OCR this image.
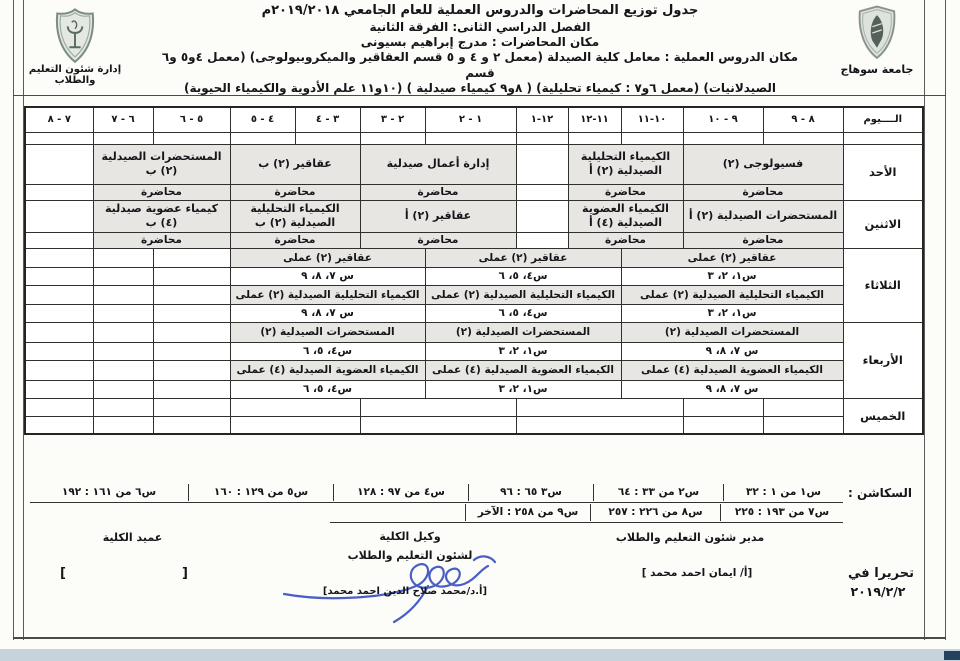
إدارة شئون التعليم والطلاب
جامعة سوهاج
جدول توزيع المحاضرات والدروس العملية للعام الجامعي ٢٠١٩/٢٠١٨م
الفصل الدراسي الثانى: الفرقة الثانية
مكان المحاضرات : مدرج إبراهيم بسيونى
مكان الدروس العملية : معامل كلية الصيدلة (معمل ٢ و ٤ و ٥ قسم العقاقير والميكروبيولوجى) (معمل ٤و٥ و٦ قسم
الصيدلانيات) (معمل ٦و٧ : كيمياء تحليلية) ( ٨و٩ كيمياء صيدلية ) (١٠و١١ علم الأدوية والكيمياء الحيوية)
الــــيوم	٨ - ٩	٩ - ١٠	١٠-١١	١١-١٢	١٢-١	١ - ٢	٢ - ٣	٣ - ٤	٤ - ٥	٥ - ٦	٦ - ٧	٧ - ٨

الأحد	فسيولوجى (٢)		الكيمياء التحليلية الصيدلية (٢) أ			إدارة أعمال صيدلية		عقاقير (٢) ب		المستحضرات الصيدلية (٢) ب		
	محاضرة		محاضرة			محاضرة		محاضرة		محاضرة		
الاثنين	المستحضرات الصيدلية (٢) أ		الكيمياء العضوية الصيدلية (٤) أ			عقاقير (٢) أ		الكيمياء التحليلية الصيدلية (٢) ب		كيمياء عضوية صيدلية (٤) ب		
	محاضرة		محاضرة			محاضرة		محاضرة		محاضرة		
الثلاثاء	عقاقير (٢) عملى			عقاقير (٢) عملى			عقاقير (٢) عملى					
	س١، ٢، ٣			س٤، ٥، ٦			س ٧، ٨، ٩					
	الكيمياء التحليلية الصيدلية (٢) عملى			الكيمياء التحليلية الصيدلية (٢) عملى			الكيمياء التحليلية الصيدلية (٢) عملى					
	س١، ٢، ٣			س٤، ٥، ٦			س ٧، ٨، ٩					
الأربعاء	المستحضرات الصيدلية (٢)			المستحضرات الصيدلية (٢)			المستحضرات الصيدلية (٢)					
	س ٧، ٨، ٩			س١، ٢، ٣			س٤، ٥، ٦					
	الكيمياء العضوية الصيدلية (٤) عملى			الكيمياء العضوية الصيدلية (٤) عملى			الكيمياء العضوية الصيدلية (٤) عملى					
	س ٧، ٨، ٩			س١، ٢، ٣			س٤، ٥، ٦					
الخميس												

السكاشن :
س١ من ١ : ٣٢
س٢ من ٣٣ : ٦٤
س٣ ٦٥ : ٩٦
س٤ من ٩٧ : ١٢٨
س٥ من ١٢٩ : ١٦٠
س٦ من ١٦١ : ١٩٢
س٧ من ١٩٣ : ٢٢٥
س٨ من ٢٢٦ : ٢٥٧
س٩ من ٢٥٨ : الآخر
مدير شئون التعليم والطلاب
وكيل الكلية
لشئون التعليم والطلاب
عميد الكلية
[أ/ ايمان احمد محمد ]
[أ.د/محمد صلاح الدين احمد محمد]
[
]	تحريرا في
٢٠١٩/٢/٢
